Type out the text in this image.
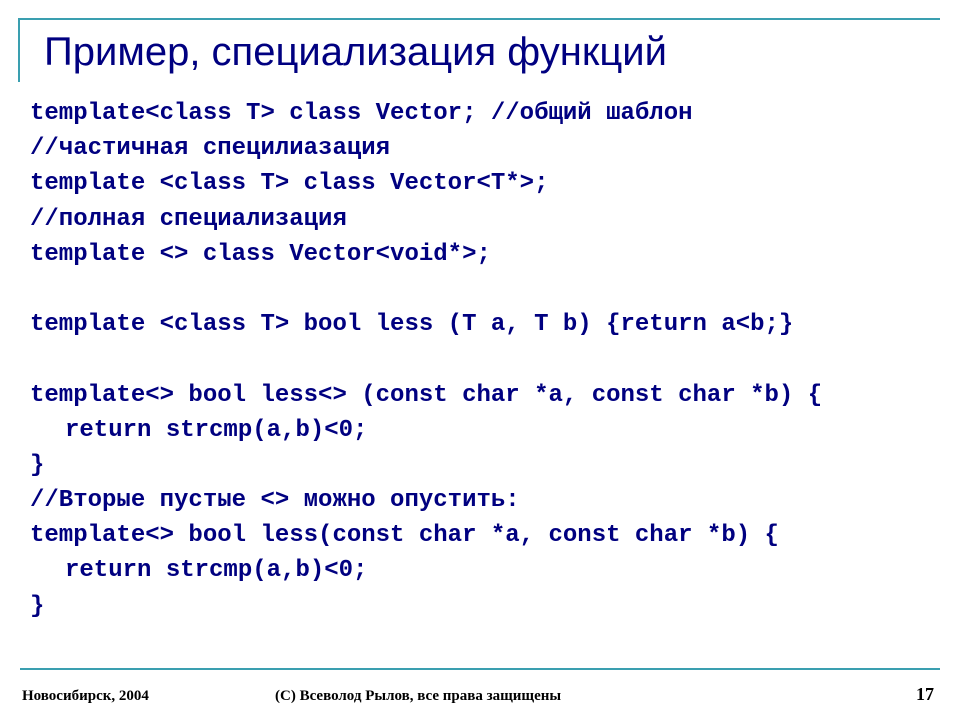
Пример, специализация функций
template<class T> class Vector; //общий шаблон
//частичная специлиазация
template <class T> class Vector<T*>;
//полная специализация
template <> class Vector<void*>;
template <class T> bool less (T a, T b) {return a<b;}
template<> bool less<> (const char *a, const char *b) {
return strcmp(a,b)<0;
}
//Вторые пустые <> можно опустить:
template<> bool less(const char *a, const char *b) {
return strcmp(a,b)<0;
}
Новосибирск, 2004	(C) Всеволод Рылов, все права защищены	17
